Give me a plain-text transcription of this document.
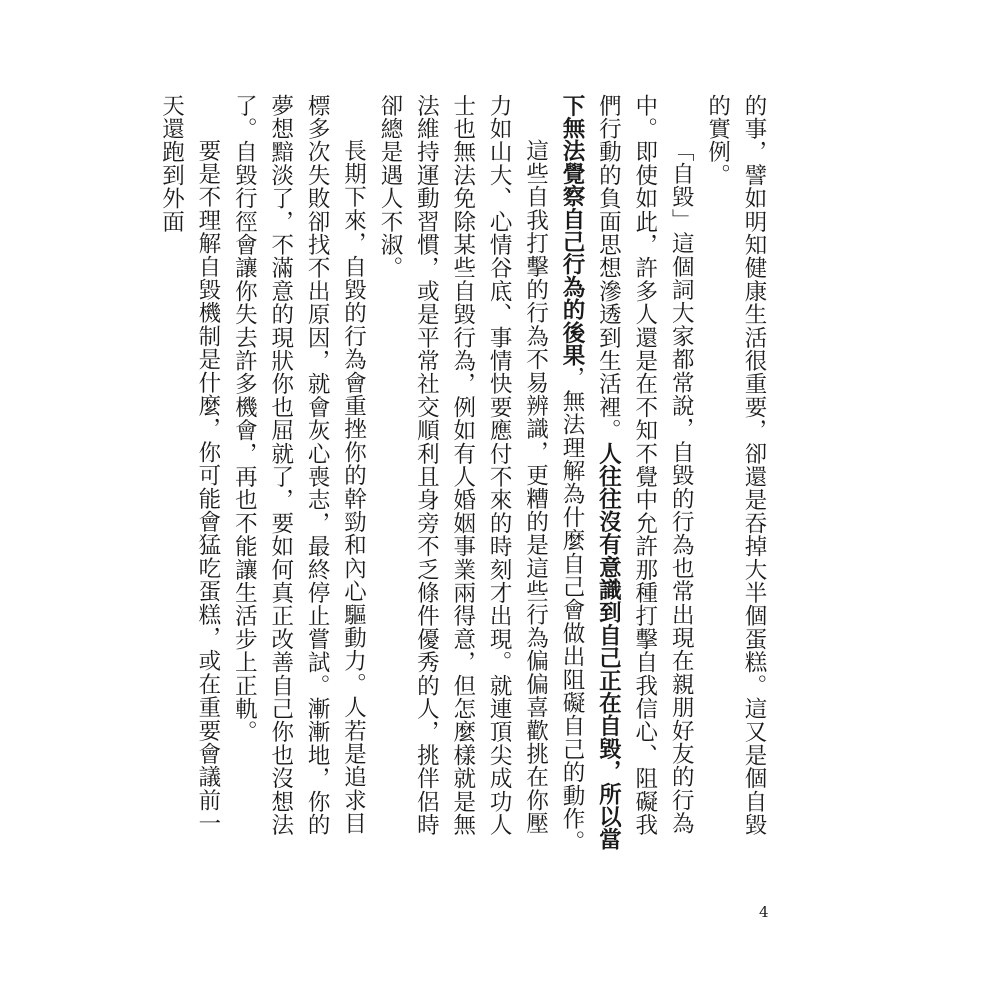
的事，譬如明知健康生活很重要，卻還是吞掉大半個蛋糕。這又是個自毀的實例。

「自毀」這個詞大家都常說，自毀的行為也常出現在親朋好友的行為中。即使如此，許多人還是在不知不覺中允許那種打擊自我信心、阻礙我們行動的負面思想滲透到生活裡。人往往沒有意識到自己正在自毀，所以當下無法覺察自己行為的後果，無法理解為什麼自己會做出阻礙自己的動作。

這些自我打擊的行為不易辨識，更糟的是這些行為偏偏喜歡挑在你壓力如山大、心情谷底、事情快要應付不來的時刻才出現。就連頂尖成功人士也無法免除某些自毀行為，例如有人婚姻事業兩得意，但怎麼樣就是無法維持運動習慣，或是平常社交順利且身旁不乏條件優秀的人，挑伴侶時卻總是遇人不淑。

長期下來，自毀的行為會重挫你的幹勁和內心驅動力。人若是追求目標多次失敗卻找不出原因，就會灰心喪志，最終停止嘗試。漸漸地，你的夢想黯淡了，不滿意的現狀你也屈就了，要如何真正改善自己你也沒想法了。自毀行徑會讓你失去許多機會，再也不能讓生活步上正軌。

要是不理解自毀機制是什麼，你可能會猛吃蛋糕，或在重要會議前一天還跑到外面

4
